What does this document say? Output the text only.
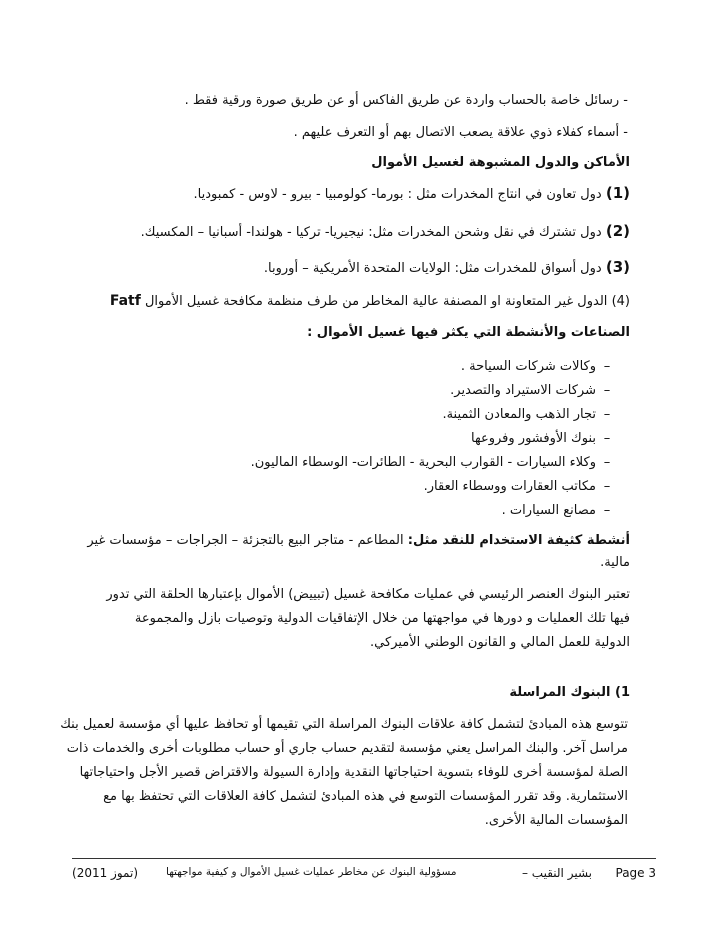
- رسائل خاصة بالحساب واردة عن طريق الفاكس أو عن طريق صورة ورقية فقط .
- أسماء كفلاء ذوي علاقة يصعب الاتصال بهم أو التعرف عليهم .
الأماكن والدول المشبوهة لغسيل الأموال
(1) دول تعاون في انتاج المخدرات مثل : بورما- كولومبيا - بيرو - لاوس - كمبوديا.
(2) دول تشترك في نقل وشحن المخدرات مثل: نيجيريا- تركيا - هولندا- أسبانيا – المكسيك.
(3) دول أسواق للمخدرات مثل: الولايات المتحدة الأمريكية – أوروبا.
(4) الدول غير المتعاونة او المصنفة عالية المخاطر من طرف منظمة مكافحة غسيل الأموال Fatf
الصناعات والأنشطة التي يكثر فيها غسيل الأموال :
–وكالات شركات السياحة .
–شركات الاستيراد والتصدير.
–تجار الذهب والمعادن الثمينة.
–بنوك الأوفشور وفروعها
–وكلاء السيارات - القوارب البحرية - الطائرات- الوسطاء الماليون.
–مكاتب العقارات ووسطاء العقار.
–مصانع السيارات .
أنشطة كثيفة الاستخدام للنقد مثل: المطاعم - متاجر البيع بالتجزئة – الجراجات – مؤسسات غير
مالية.
تعتبر البنوك العنصر الرئيسي في عمليات مكافحة غسيل (تبييض) الأموال بإعتبارها الحلقة التي تدور
فيها تلك العمليات و دورها في مواجهتها من خلال الإتفاقيات الدولية وتوصيات بازل والمجموعة
الدولية للعمل المالي و القانون الوطني الأميركي.
1) البنوك المراسلة
تتوسع هذه المبادئ لتشمل كافة علاقات البنوك المراسلة التي تقيمها أو تحافظ عليها أي مؤسسة لعميل بنك
مراسل آخر. والبنك المراسل يعني مؤسسة لتقديم حساب جاري أو حساب مطلوبات أخرى والخدمات ذات
الصلة لمؤسسة أخرى للوفاء بتسوية احتياجاتها النقدية وإدارة السيولة والاقتراض قصير الأجل واحتياجاتها
الاستثمارية. وقد تقرر المؤسسات التوسع في هذه المبادئ لتشمل كافة العلاقات التي تحتفظ بها مع
المؤسسات المالية الأخرى.
Page 3
بشير النقيب –
مسؤولية البنوك عن مخاطر عمليات غسيل الأموال و كيفية مواجهتها
(تموز 2011)
